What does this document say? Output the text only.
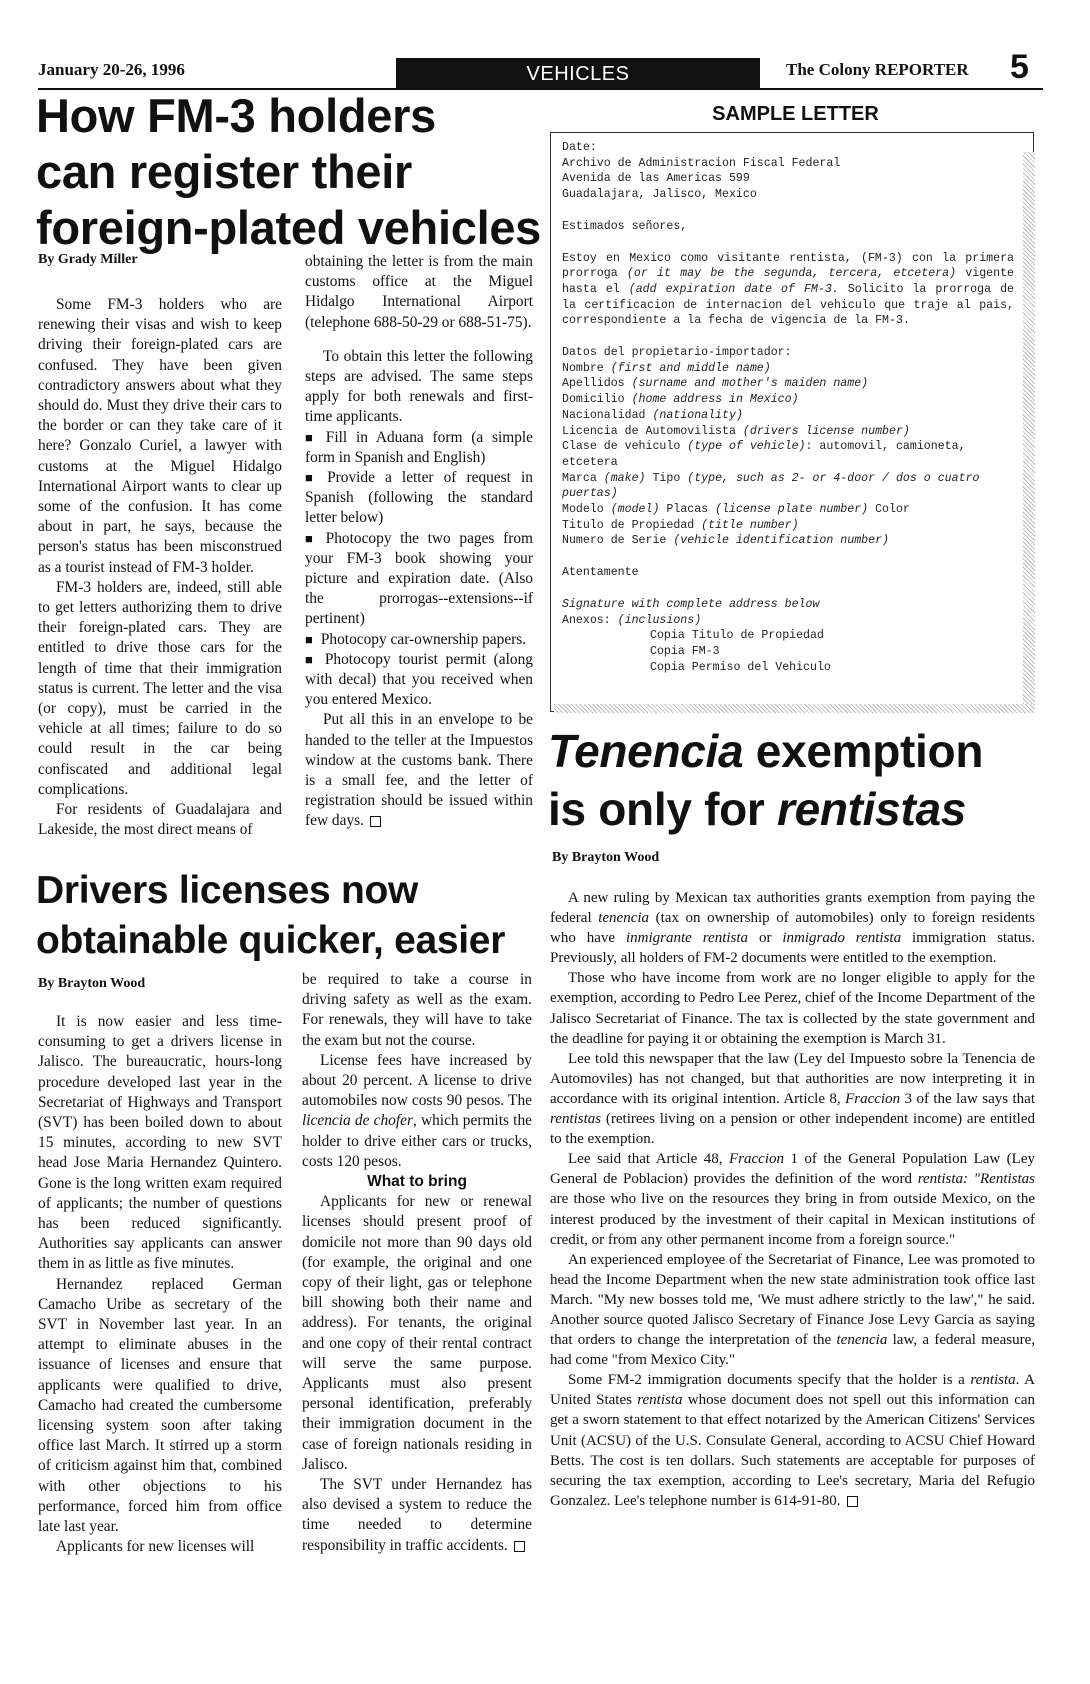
January 20-26, 1996	VEHICLES	The Colony REPORTER 5
How FM-3 holders
can register their
foreign-plated vehicles
By Grady Miller

Some FM-3 holders who are renewing their visas and wish to keep driving their foreign-plated cars are confused. They have been given contradictory answers about what they should do. Must they drive their cars to the border or can they take care of it here? Gonzalo Curiel, a lawyer with customs at the Miguel Hidalgo International Airport wants to clear up some of the confusion. It has come about in part, he says, because the person's status has been misconstrued as a tourist instead of FM-3 holder.

FM-3 holders are, indeed, still able to get letters authorizing them to drive their foreign-plated cars. They are entitled to drive those cars for the length of time that their immigration status is current. The letter and the visa (or copy), must be carried in the vehicle at all times; failure to do so could result in the car being confiscated and additional legal complications.

For residents of Guadalajara and Lakeside, the most direct means of

obtaining the letter is from the main customs office at the Miguel Hidalgo International Airport (telephone 688-50-29 or 688-51-75).

To obtain this letter the following steps are advised. The same steps apply for both renewals and first-time applicants.

■ Fill in Aduana form (a simple form in Spanish and English)

■ Provide a letter of request in Spanish (following the standard letter below)

■ Photocopy the two pages from your FM-3 book showing your picture and expiration date. (Also the prorrogas--extensions--if pertinent)

■ Photocopy car-ownership papers.

■ Photocopy tourist permit (along with decal) that you received when you entered Mexico.

Put all this in an envelope to be handed to the teller at the Impuestos window at the customs bank. There is a small fee, and the letter of registration should be issued within few days.

SAMPLE LETTER
Date:
Archivo de Administracion Fiscal Federal
Avenida de las Americas 599
Guadalajara, Jalisco, Mexico
Estimados señores,
Estoy en Mexico como visitante rentista, (FM-3) con la primera prorroga (or it may be the segunda, tercera, etcetera) vigente hasta el (add expiration date of FM-3. Solicito la prorroga de la certificacion de internacion del vehiculo que traje al pais, correspondiente a la fecha de vigencia de la FM-3.
Datos del propietario-importador:
Nombre (first and middle name)
Apellidos (surname and mother's maiden name)
Domicilio (home address in Mexico)
Nacionalidad (nationality)
Licencia de Automovilista (drivers license number)
Clase de vehiculo (type of vehicle): automovil, camioneta, etcetera
Marca (make) Tipo (type, such as 2- or 4-door / dos o cuatro puertas)
Modelo (model) Placas (license plate number) Color
Titulo de Propiedad (title number)
Numero de Serie (vehicle identification number)
Atentamente
Signature with complete address below
Anexos: (inclusions)
Copia Titulo de Propiedad
Copia FM-3
Copia Permiso del Vehiculo
Drivers licenses now
obtainable quicker, easier
By Brayton Wood

It is now easier and less time-consuming to get a drivers license in Jalisco. The bureaucratic, hours-long procedure developed last year in the Secretariat of Highways and Transport (SVT) has been boiled down to about 15 minutes, according to new SVT head Jose Maria Hernandez Quintero. Gone is the long written exam required of applicants; the number of questions has been reduced significantly. Authorities say applicants can answer them in as little as five minutes.

Hernandez replaced German Camacho Uribe as secretary of the SVT in November last year. In an attempt to eliminate abuses in the issuance of licenses and ensure that applicants were qualified to drive, Camacho had created the cumbersome licensing system soon after taking office last March. It stirred up a storm of criticism against him that, combined with other objections to his performance, forced him from office late last year.

Applicants for new licenses will

be required to take a course in driving safety as well as the exam. For renewals, they will have to take the exam but not the course.

License fees have increased by about 20 percent. A license to drive automobiles now costs 90 pesos. The licencia de chofer, which permits the holder to drive either cars or trucks, costs 120 pesos.

What to bring

Applicants for new or renewal licenses should present proof of domicile not more than 90 days old (for example, the original and one copy of their light, gas or telephone bill showing both their name and address). For tenants, the original and one copy of their rental contract will serve the same purpose. Applicants must also present personal identification, preferably their immigration document in the case of foreign nationals residing in Jalisco.

The SVT under Hernandez has also devised a system to reduce the time needed to determine responsibility in traffic accidents.

Tenencia exemption
is only for rentistas
By Brayton Wood

A new ruling by Mexican tax authorities grants exemption from paying the federal tenencia (tax on ownership of automobiles) only to foreign residents who have inmigrante rentista or inmigrado rentista immigration status. Previously, all holders of FM-2 documents were entitled to the exemption.

Those who have income from work are no longer eligible to apply for the exemption, according to Pedro Lee Perez, chief of the Income Department of the Jalisco Secretariat of Finance. The tax is collected by the state government and the deadline for paying it or obtaining the exemption is March 31.

Lee told this newspaper that the law (Ley del Impuesto sobre la Tenencia de Automoviles) has not changed, but that authorities are now interpreting it in accordance with its original intention. Article 8, Fraccion 3 of the law says that rentistas (retirees living on a pension or other independent income) are entitled to the exemption.

Lee said that Article 48, Fraccion 1 of the General Population Law (Ley General de Poblacion) provides the definition of the word rentista: "Rentistas are those who live on the resources they bring in from outside Mexico, on the interest produced by the investment of their capital in Mexican institutions of credit, or from any other permanent income from a foreign source."

An experienced employee of the Secretariat of Finance, Lee was promoted to head the Income Department when the new state administration took office last March. "My new bosses told me, 'We must adhere strictly to the law'," he said. Another source quoted Jalisco Secretary of Finance Jose Levy Garcia as saying that orders to change the interpretation of the tenencia law, a federal measure, had come "from Mexico City."

Some FM-2 immigration documents specify that the holder is a rentista. A United States rentista whose document does not spell out this information can get a sworn statement to that effect notarized by the American Citizens' Services Unit (ACSU) of the U.S. Consulate General, according to ACSU Chief Howard Betts. The cost is ten dollars. Such statements are acceptable for purposes of securing the tax exemption, according to Lee's secretary, Maria del Refugio Gonzalez. Lee's telephone number is 614-91-80.
